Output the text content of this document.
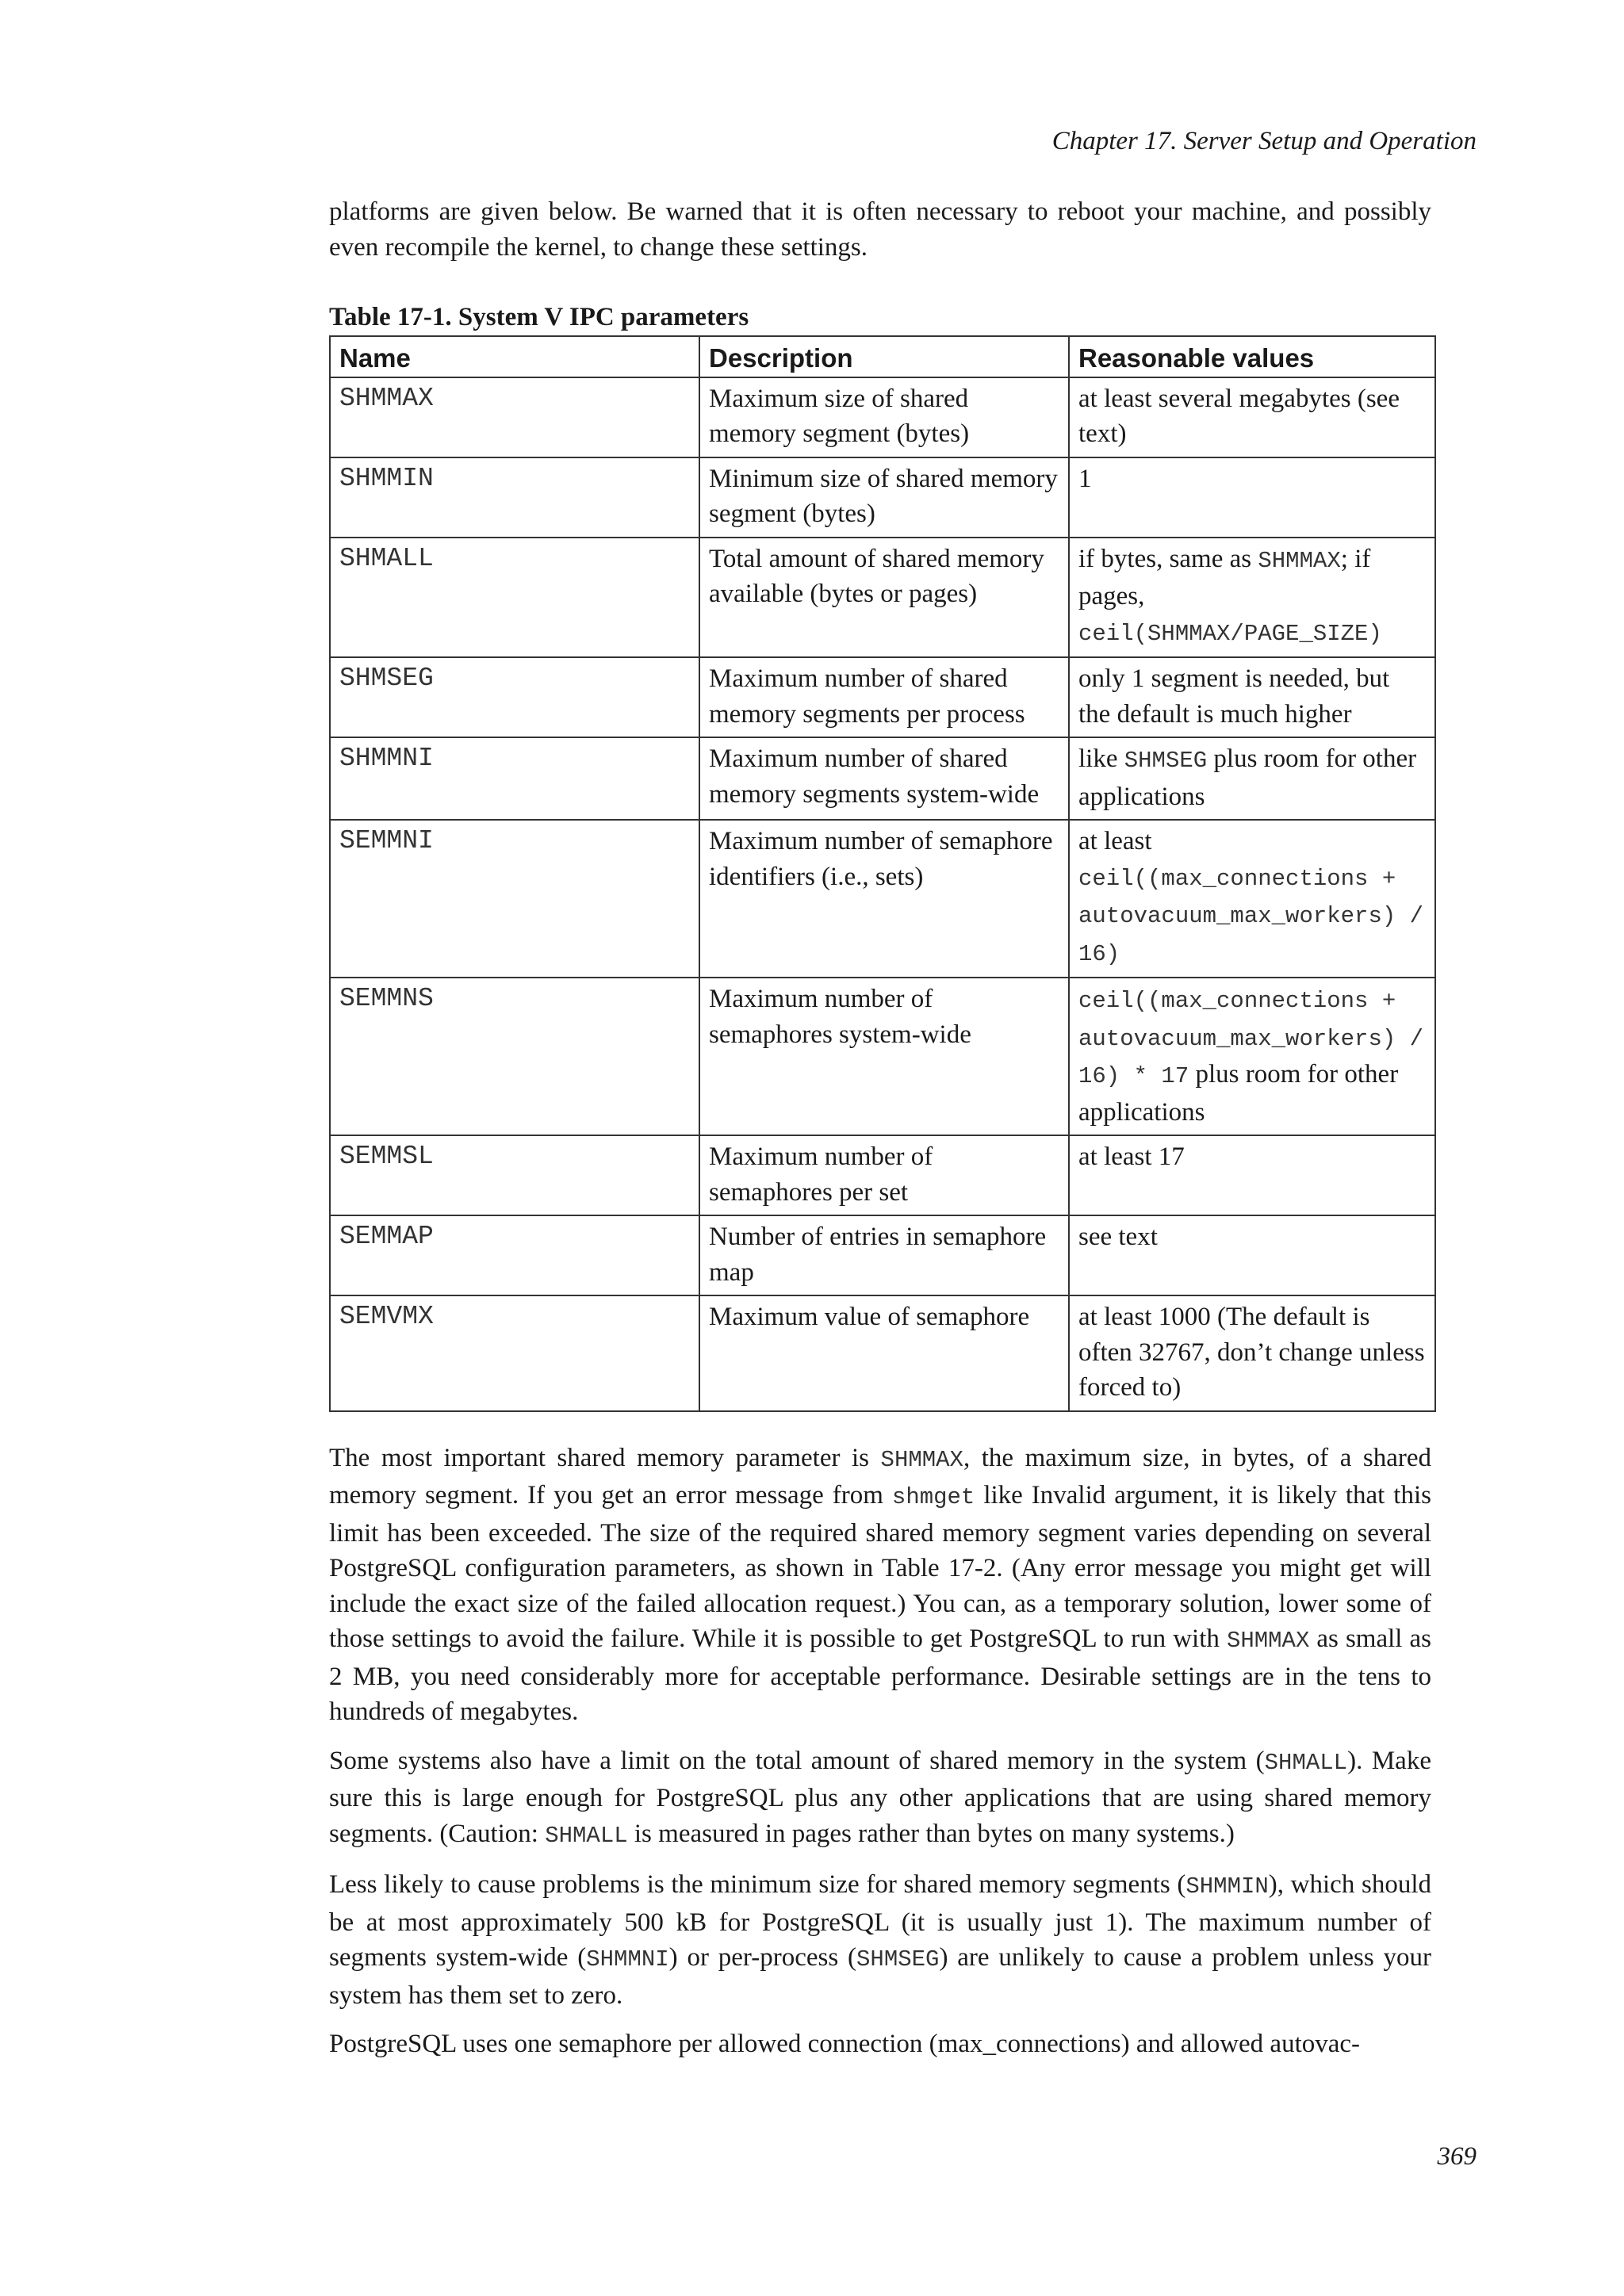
Chapter 17. Server Setup and Operation

platforms are given below. Be warned that it is often necessary to reboot your machine, and possibly even recompile the kernel, to change these settings.

Table 17-1. System V IPC parameters

Name	Description	Reasonable values
SHMMAX	Maximum size of shared memory segment (bytes)	at least several megabytes (see text)
SHMMIN	Minimum size of shared memory segment (bytes)	1
SHMALL	Total amount of shared memory available (bytes or pages)	if bytes, same as SHMMAX; if pages, ceil(SHMMAX/PAGE_SIZE)
SHMSEG	Maximum number of shared memory segments per process	only 1 segment is needed, but the default is much higher
SHMMNI	Maximum number of shared memory segments system-wide	like SHMSEG plus room for other applications
SEMMNI	Maximum number of semaphore identifiers (i.e., sets)	at least ceil((max_connections + autovacuum_max_workers) / 16)
SEMMNS	Maximum number of semaphores system-wide	ceil((max_connections + autovacuum_max_workers) / 16) * 17 plus room for other applications
SEMMSL	Maximum number of semaphores per set	at least 17
SEMMAP	Number of entries in semaphore map	see text
SEMVMX	Maximum value of semaphore	at least 1000 (The default is often 32767, don’t change unless forced to)

The most important shared memory parameter is SHMMAX, the maximum size, in bytes, of a shared memory segment. If you get an error message from shmget like Invalid argument, it is likely that this limit has been exceeded. The size of the required shared memory segment varies depending on several PostgreSQL configuration parameters, as shown in Table 17-2. (Any error message you might get will include the exact size of the failed allocation request.) You can, as a temporary solution, lower some of those settings to avoid the failure. While it is possible to get PostgreSQL to run with SHMMAX as small as 2 MB, you need considerably more for acceptable performance. Desirable settings are in the tens to hundreds of megabytes.

Some systems also have a limit on the total amount of shared memory in the system (SHMALL). Make sure this is large enough for PostgreSQL plus any other applications that are using shared memory segments. (Caution: SHMALL is measured in pages rather than bytes on many systems.)

Less likely to cause problems is the minimum size for shared memory segments (SHMMIN), which should be at most approximately 500 kB for PostgreSQL (it is usually just 1). The maximum number of segments system-wide (SHMMNI) or per-process (SHMSEG) are unlikely to cause a problem unless your system has them set to zero.

PostgreSQL uses one semaphore per allowed connection (max_connections) and allowed autovac-

369
